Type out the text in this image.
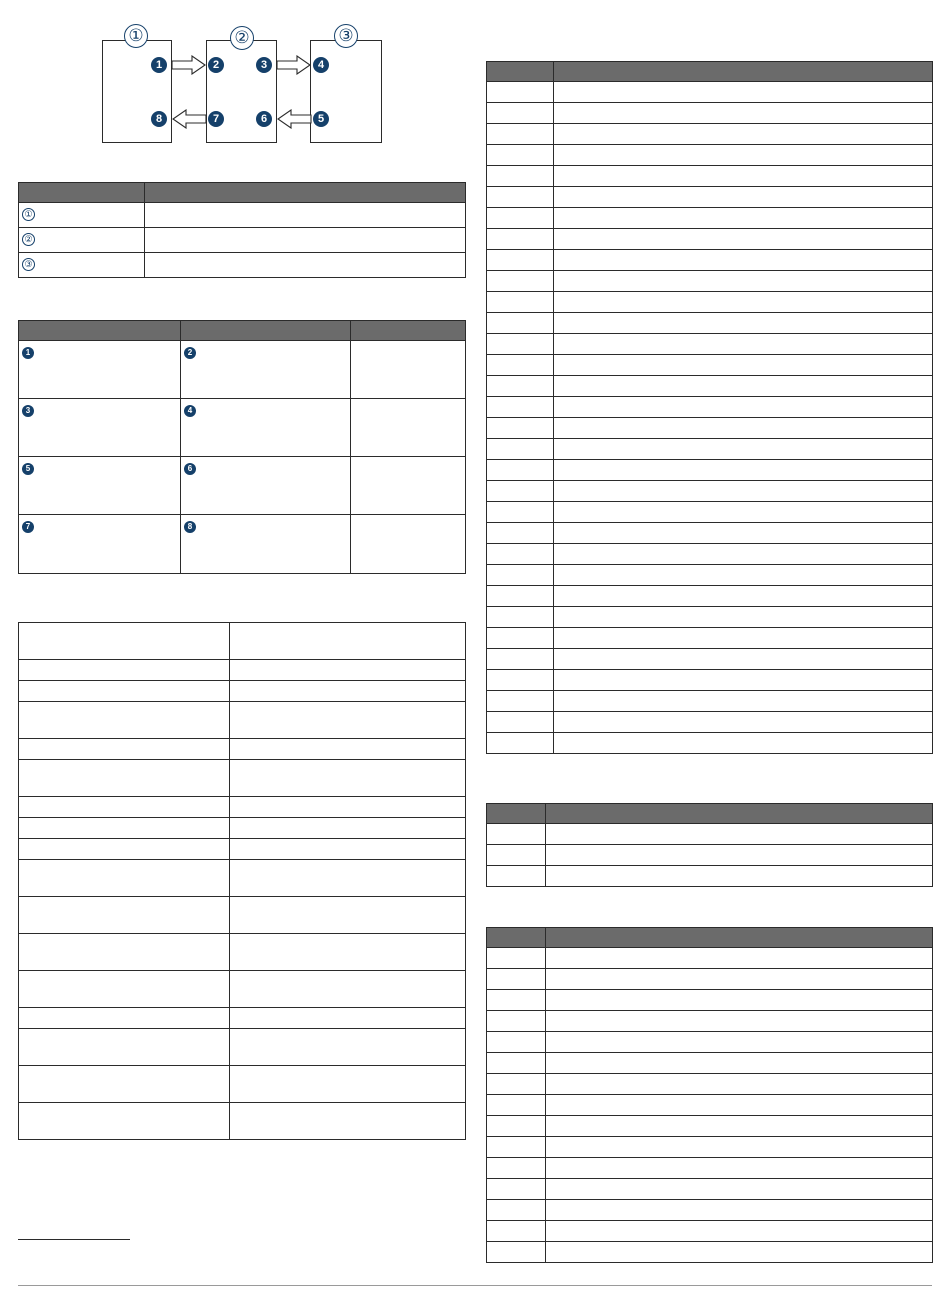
①	②	③
1	2	3	4
8	7	6	5

①	
②	
③	

1	2	
3	4	
5	6	
7	8	
